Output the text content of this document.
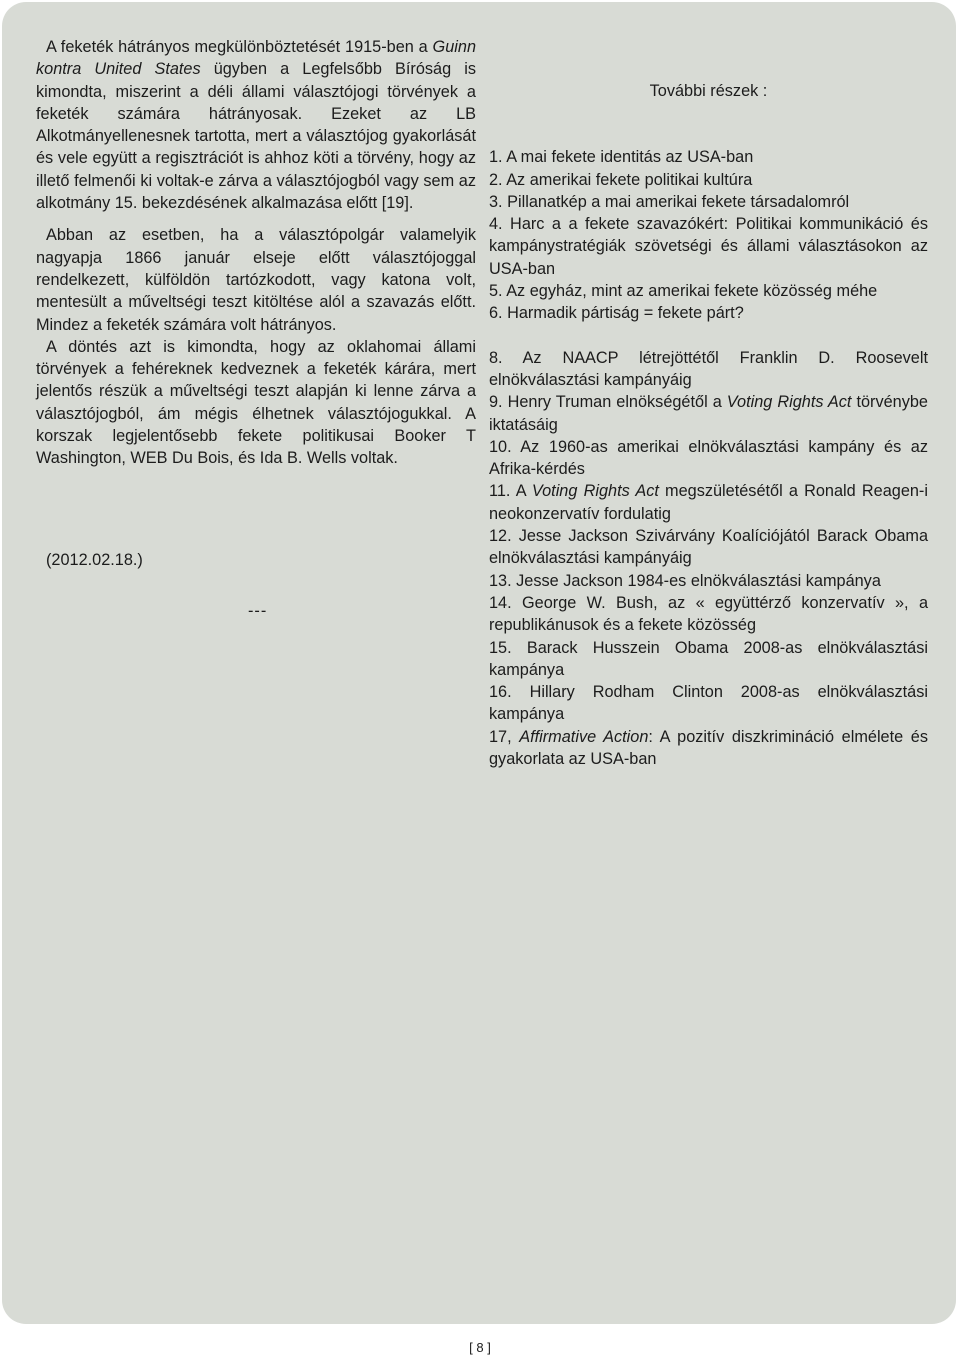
A feketék hátrányos megkülönböztetését 1915-ben a Guinn kontra United States ügyben a Legfelsőbb Bíróság is kimondta, miszerint a déli állami választójogi törvények a feketék számára hátrányosak. Ezeket az LB Alkotmányellenesnek tartotta, mert a választójog gyakorlását és vele együtt a regisztrációt is ahhoz köti a törvény, hogy az illető felmenői ki voltak-e zárva a választójogból vagy sem az alkotmány 15. bekezdésének alkalmazása előtt [19].

Abban az esetben, ha a választópolgár valamelyik nagyapja 1866 január elseje előtt választójoggal rendelkezett, külföldön tartózkodott, vagy katona volt, mentesült a műveltségi teszt kitöltése alól a szavazás előtt. Mindez a feketék számára volt hátrányos.

A döntés azt is kimondta, hogy az oklahomai állami törvények a fehéreknek kedveznek a feketék kárára, mert jelentős részük a műveltségi teszt alapján ki lenne zárva a választójogból, ám mégis élhetnek választójogukkal. A korszak legjelentősebb fekete politikusai Booker T Washington, WEB Du Bois, és Ida B. Wells voltak.

(2012.02.18.)
---
További részek :
1. A mai fekete identitás az USA-ban
2. Az amerikai fekete politikai kultúra
3. Pillanatkép a mai amerikai fekete társadalomról
4. Harc a a fekete szavazókért: Politikai kommunikáció és kampánystratégiák szövetségi és állami választásokon az USA-ban
5. Az egyház, mint az amerikai fekete közösség méhe
6. Harmadik pártiság = fekete párt?
8. Az NAACP létrejöttétől Franklin D. Roosevelt elnökválasztási kampányáig
9. Henry Truman elnökségétől a Voting Rights Act törvénybe iktatásáig
10. Az 1960-as amerikai elnökválasztási kampány és az Afrika-kérdés
11. A Voting Rights Act megszületésétől a Ronald Reagen-i neokonzervatív fordulatig
12. Jesse Jackson Szivárvány Koalíciójától Barack Obama elnökválasztási kampányáig
13. Jesse Jackson 1984-es elnökválasztási kampánya
14. George W. Bush, az « együttérző konzervatív », a republikánusok és a fekete közösség
15. Barack Husszein Obama 2008-as elnökválasztási kampánya
16. Hillary Rodham Clinton 2008-as elnökválasztási kampánya
17, Affirmative Action: A pozitív diszkrimináció elmélete és gyakorlata az USA-ban
[ 8 ]
